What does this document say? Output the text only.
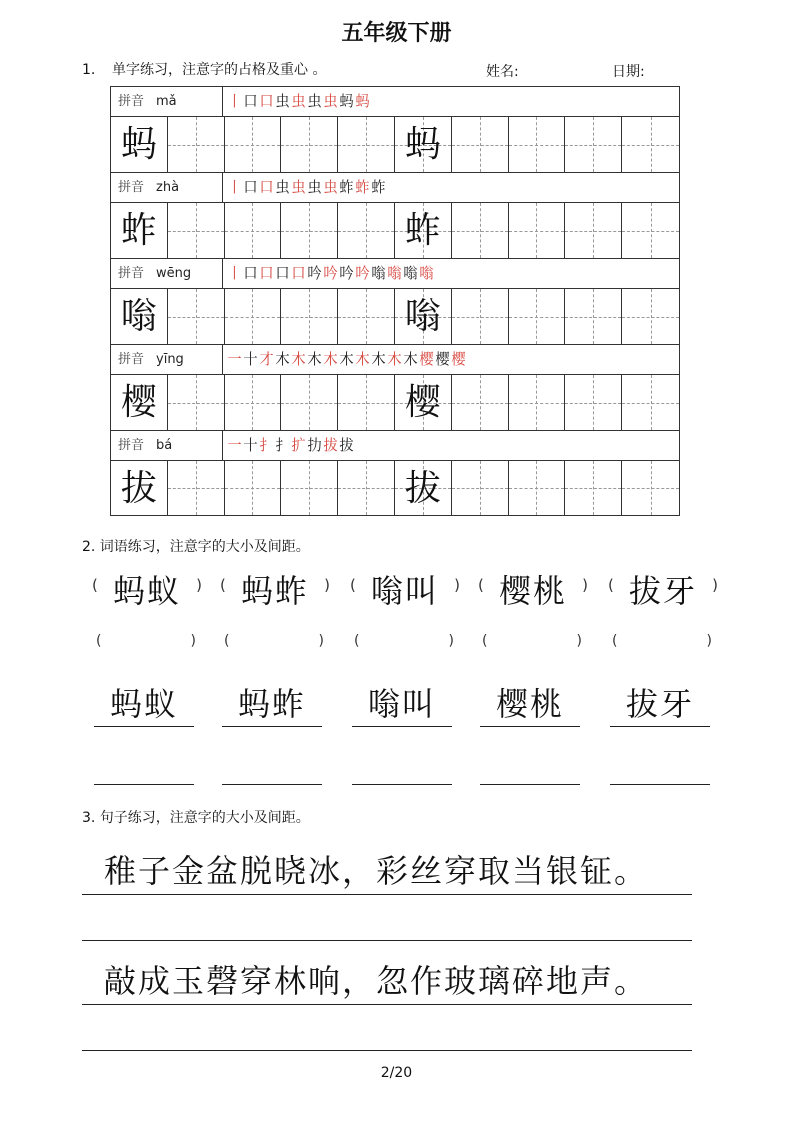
五年级下册
1. 单字练习，注意字的占格及重心 。	姓名:	日期:
拼音 mǎ	丨口口虫虫虫虫蚂蚂
蚂	蚂
拼音 zhà	丨口口虫虫虫虫蚱蚱蚱
蚱	蚱
拼音 wēng	丨口口口口吟吟吟吟嗡嗡嗡嗡
嗡	嗡
拼音 yīng	一十才木木木木木木木木木樱樱樱
樱	樱
拼音 bá	一十扌扌扩扐拔拔
拔	拔
2. 词语练习，注意字的大小及间距。
( 蚂蚁	)
(	)
蚂蚁
( 蚂蚱	)
(	)
蚂蚱
( 嗡叫	)
(	)
嗡叫
( 樱桃	)
(	)
樱桃
( 拔牙	)
(	)
拔牙
3. 句子练习，注意字的大小及间距。
稚子金盆脱晓冰，彩丝穿取当银钲。
敲成玉磬穿林响，忽作玻璃碎地声。
2/20
